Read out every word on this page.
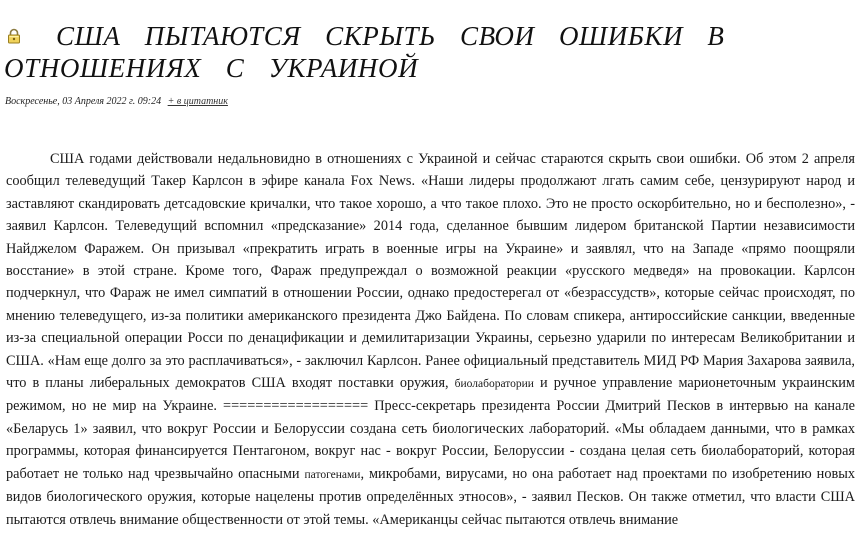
США ПЫТАЮТСЯ СКРЫТЬ СВОИ ОШИБКИ В ОТНОШЕНИЯХ С УКРАИНОЙ
Воскресенье, 03 Апреля 2022 г. 09:24 + в цитатник

США годами действовали недальновидно в отношениях с Украиной и сейчас стараются скрыть свои ошибки. Об этом 2 апреля сообщил телеведущий Такер Карлсон в эфире канала Fox News. «Наши лидеры продолжают лгать самим себе, цензурируют народ и заставляют скандировать детсадовские кричалки, что такое хорошо, а что такое плохо. Это не просто оскорбительно, но и бесполезно», - заявил Карлсон. Телеведущий вспомнил «предсказание» 2014 года, сделанное бывшим лидером британской Партии независимости Найджелом Фаражем. Он призывал «прекратить играть в военные игры на Украине» и заявлял, что на Западе «прямо поощряли восстание» в этой стране. Кроме того, Фараж предупреждал о возможной реакции «русского медведя» на провокации. Карлсон подчеркнул, что Фараж не имел симпатий в отношении России, однако предостерегал от «безрассудств», которые сейчас происходят, по мнению телеведущего, из-за политики американского президента Джо Байдена. По словам спикера, антироссийские санкции, введенные из-за специальной операции Росси по денацификации и демилитаризации Украины, серьезно ударили по интересам Великобритании и США. «Нам еще долго за это расплачиваться», - заключил Карлсон. Ранее официальный представитель МИД РФ Мария Захарова заявила, что в планы либеральных демократов США входят поставки оружия, биолаборатории и ручное управление марионеточным украинским режимом, но не мир на Украине. ================== Пресс-секретарь президента России Дмитрий Песков в интервью на канале «Беларусь 1» заявил, что вокруг России и Белоруссии создана сеть биологических лабораторий. «Мы обладаем данными, что в рамках программы, которая финансируется Пентагоном, вокруг нас - вокруг России, Белоруссии - создана целая сеть биолабораторий, которая работает не только над чрезвычайно опасными патогенами, микробами, вирусами, но она работает над проектами по изобретению новых видов биологического оружия, которые нацелены против определённых этносов», - заявил Песков. Он также отметил, что власти США пытаются отвлечь внимание общественности от этой темы. «Американцы сейчас пытаются отвлечь внимание
